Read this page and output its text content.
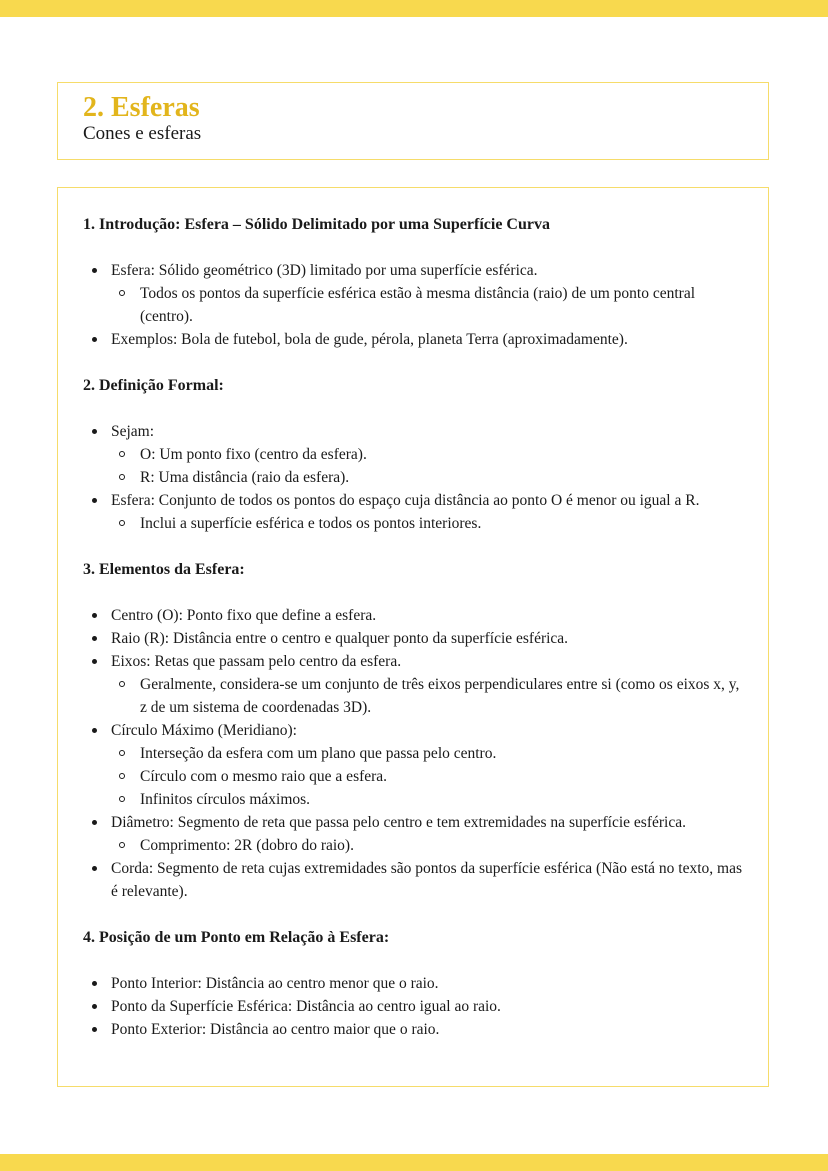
2. Esferas
Cones e esferas
1. Introdução: Esfera – Sólido Delimitado por uma Superfície Curva
Esfera: Sólido geométrico (3D) limitado por uma superfície esférica.
Todos os pontos da superfície esférica estão à mesma distância (raio) de um ponto central (centro).
Exemplos: Bola de futebol, bola de gude, pérola, planeta Terra (aproximadamente).
2. Definição Formal:
Sejam:
O: Um ponto fixo (centro da esfera).
R: Uma distância (raio da esfera).
Esfera: Conjunto de todos os pontos do espaço cuja distância ao ponto O é menor ou igual a R.
Inclui a superfície esférica e todos os pontos interiores.
3. Elementos da Esfera:
Centro (O): Ponto fixo que define a esfera.
Raio (R): Distância entre o centro e qualquer ponto da superfície esférica.
Eixos: Retas que passam pelo centro da esfera.
Geralmente, considera-se um conjunto de três eixos perpendiculares entre si (como os eixos x, y, z de um sistema de coordenadas 3D).
Círculo Máximo (Meridiano):
Interseção da esfera com um plano que passa pelo centro.
Círculo com o mesmo raio que a esfera.
Infinitos círculos máximos.
Diâmetro: Segmento de reta que passa pelo centro e tem extremidades na superfície esférica.
Comprimento: 2R (dobro do raio).
Corda: Segmento de reta cujas extremidades são pontos da superfície esférica (Não está no texto, mas é relevante).
4. Posição de um Ponto em Relação à Esfera:
Ponto Interior: Distância ao centro menor que o raio.
Ponto da Superfície Esférica: Distância ao centro igual ao raio.
Ponto Exterior: Distância ao centro maior que o raio.
